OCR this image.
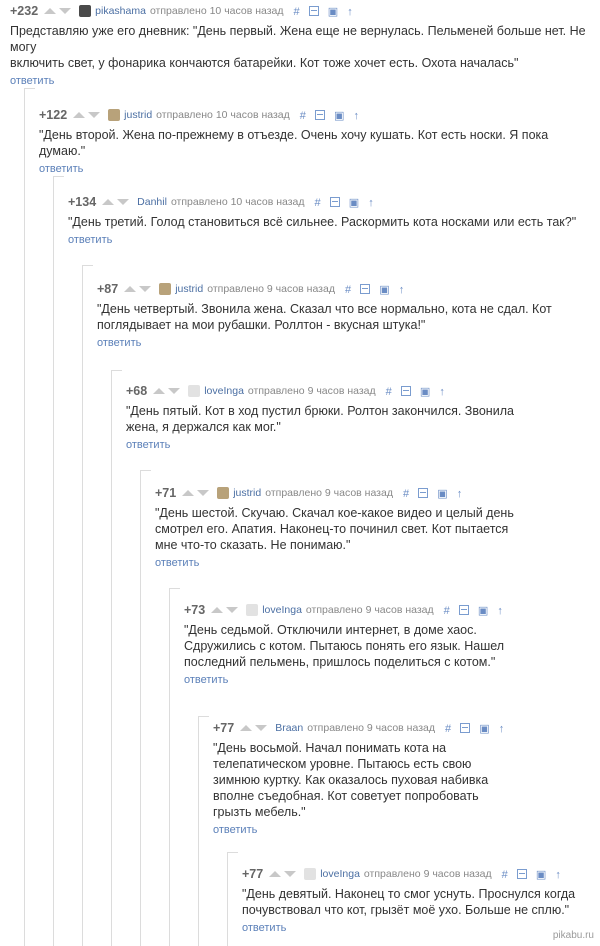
+232	pikashama отправлено 10 часов назад #	▣ ↑
Представляю уже его дневник: "День первый. Жена еще не вернулась. Пельменей больше нет. Не могу
включить свет, у фонарика кончаются батарейки. Кот тоже хочет есть. Охота началась"
ответить
+122	justrid отправлено 10 часов назад #	▣ ↑
"День второй. Жена по-прежнему в отъезде. Очень хочу кушать. Кот есть носки. Я пока думаю."
ответить
+134	Danhil отправлено 10 часов назад #	▣ ↑
"День третий. Голод становиться всё сильнее. Раскормить кота носками или есть так?"
ответить
+87	justrid отправлено 9 часов назад #	▣ ↑
"День четвертый. Звонила жена. Сказал что все нормально, кота не сдал. Кот
поглядывает на мои рубашки. Роллтон - вкусная штука!"
ответить
+68	loveInga отправлено 9 часов назад #	▣ ↑
"День пятый. Кот в ход пустил брюки. Ролтон закончился. Звонила
жена, я держался как мог."
ответить
+71	justrid отправлено 9 часов назад #	▣ ↑
"День шестой. Скучаю. Скачал кое-какое видео и целый день
смотрел его. Апатия. Наконец-то починил свет. Кот пытается
мне что-то сказать. Не понимаю."
ответить
+73	loveInga отправлено 9 часов назад #	▣ ↑
"День седьмой. Отключили интернет, в доме хаос.
Сдружились с котом. Пытаюсь понять его язык. Нашел
последний пельмень, пришлось поделиться с котом."
ответить
+77	Braan отправлено 9 часов назад #	▣ ↑
"День восьмой. Начал понимать кота на
телепатическом уровне. Пытаюсь есть свою
зимнюю куртку. Как оказалось пуховая набивка
вполне съедобная. Кот советует попробовать
грызть мебель."
ответить
+77	loveInga отправлено 9 часов назад #	▣ ↑
"День девятый. Наконец то смог уснуть. Проснулся когда
почувствовал что кот, грызёт моё ухо. Больше не сплю."
ответить
pikabu.ru
